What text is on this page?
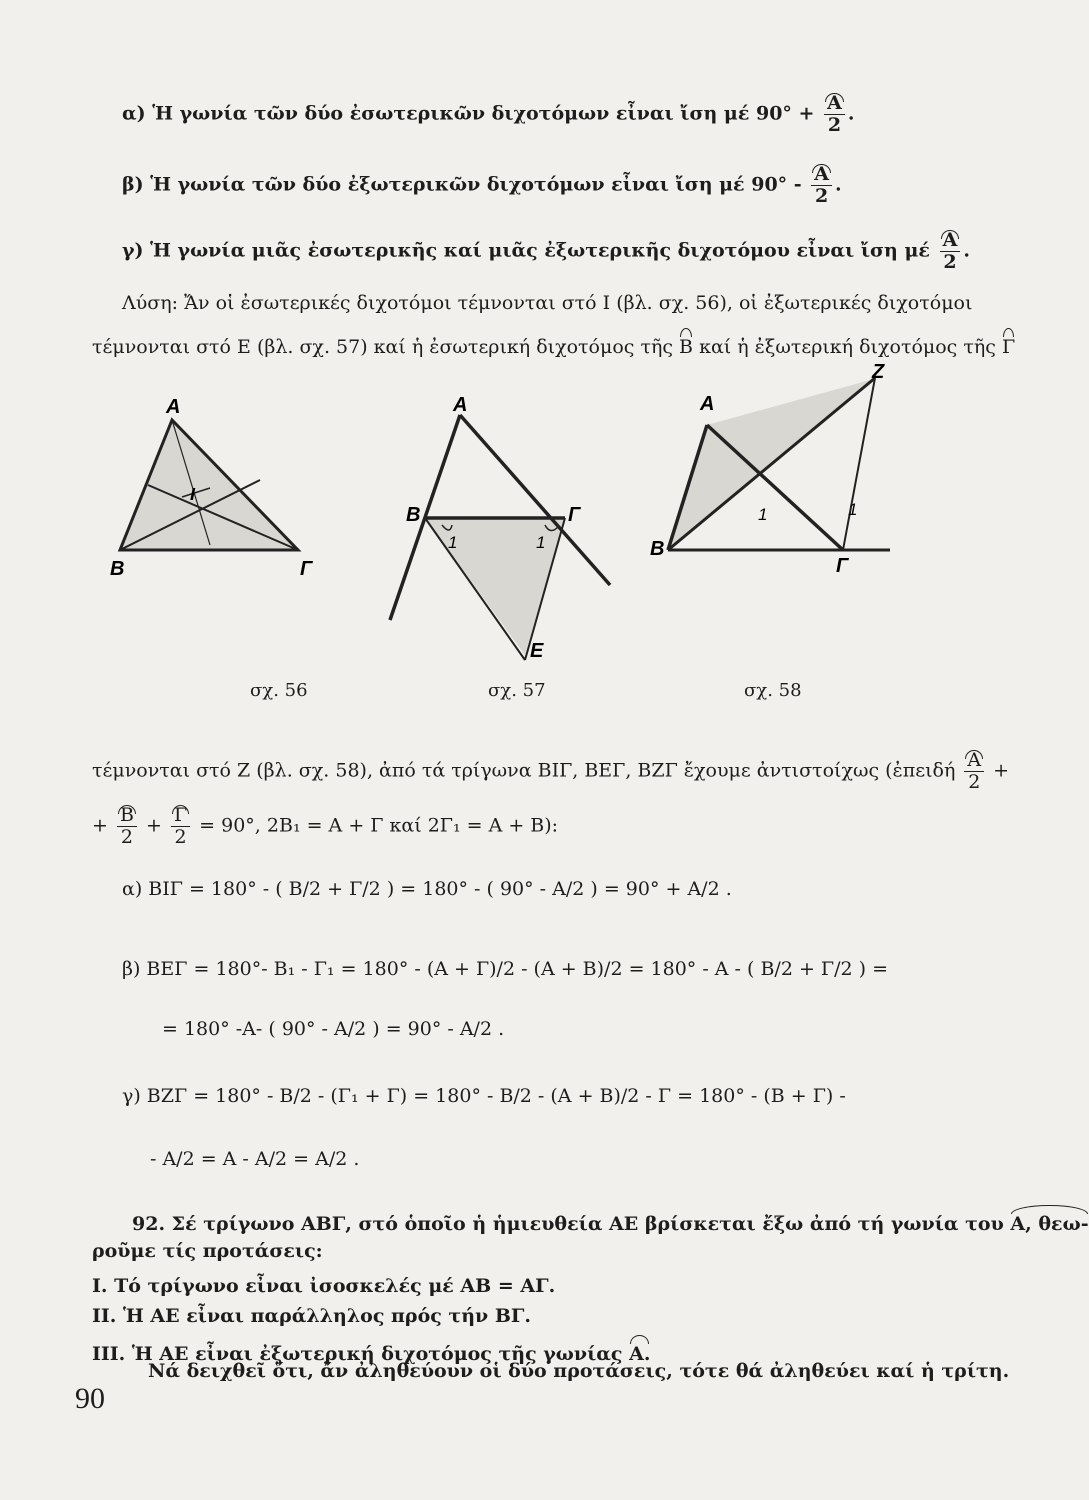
α) Ἡ γωνία τῶν δύο ἐσωτερικῶν διχοτόμων εἶναι ἴση μέ $90^\circ + \frac{A}{2}$ .
β) Ἡ γωνία τῶν δύο ἐξωτερικῶν διχοτόμων εἶναι ἴση μέ $90^\circ - \frac{A}{2}$ .
γ) Ἡ γωνία μιᾶς ἐσωτερικῆς καί μιᾶς ἐξωτερικῆς διχοτόμου εἶναι ἴση μέ $\frac{A}{2}$ .
Λύση: Ἄν οἱ ἐσωτερικές διχοτόμοι τέμνονται στό Ι (βλ. σχ. 56), οἱ ἐξωτερικές διχοτόμοι
τέμνονται στό Ε (βλ. σχ. 57) καί ἡ ἐσωτερική διχοτόμος τῆς Β καί ἡ ἐξωτερική διχοτόμος τῆς Γ
Α
Β	Γ
Ι
Α
Β	Γ
Ε
1	1
Α
Β
Γ
Ζ
1	1
σχ. 56	σχ. 57	σχ. 58
τέμνονται στό Ζ (βλ. σχ. 58), ἀπό τά τρίγωνα ΒΙΓ, ΒΕΓ, ΒΖΓ ἔχουμε ἀντιστοίχως (ἐπειδή $\frac{A}{2}$ +
+ $\frac{B}{2} + \frac{\Gamma}{2} = 90^\circ$, 2B₁ = Α + Γ καί 2Γ₁ = Α + Β):
α) ΒΙΓ = 180° - ( Β/2 + Γ/2 ) = 180° - ( 90° - Α/2 ) = 90° + Α/2 .
β) ΒΕΓ = 180°- Β₁ - Γ₁ = 180° - (Α + Γ)/2 - (Α + Β)/2 = 180° - Α - ( Β/2 + Γ/2 ) =
= 180° -Α- ( 90° - Α/2 ) = 90° - Α/2 .
γ) ΒΖΓ = 180° - Β/2 - (Γ₁ + Γ) = 180° - Β/2 - (Α + Β)/2 - Γ = 180° - (Β + Γ) -
- Α/2 = Α - Α/2 = Α/2 .
92. Σέ τρίγωνο ΑΒΓ, στό ὁποῖο ἡ ἡμιευθεία ΑΕ βρίσκεται ἔξω ἀπό τή γωνία του Α, θεω-
ροῦμε τίς προτάσεις:
I. Τό τρίγωνο εἶναι ἰσοσκελές μέ ΑΒ = ΑΓ.
II. Ἡ ΑΕ εἶναι παράλληλος πρός τήν ΒΓ.
III. Ἡ ΑΕ εἶναι ἐξωτερική διχοτόμος τῆς γωνίας Α.
Νά δειχθεῖ ὅτι, ἄν ἀληθεύουν οἱ δύο προτάσεις, τότε θά ἀληθεύει καί ἡ τρίτη.
90
